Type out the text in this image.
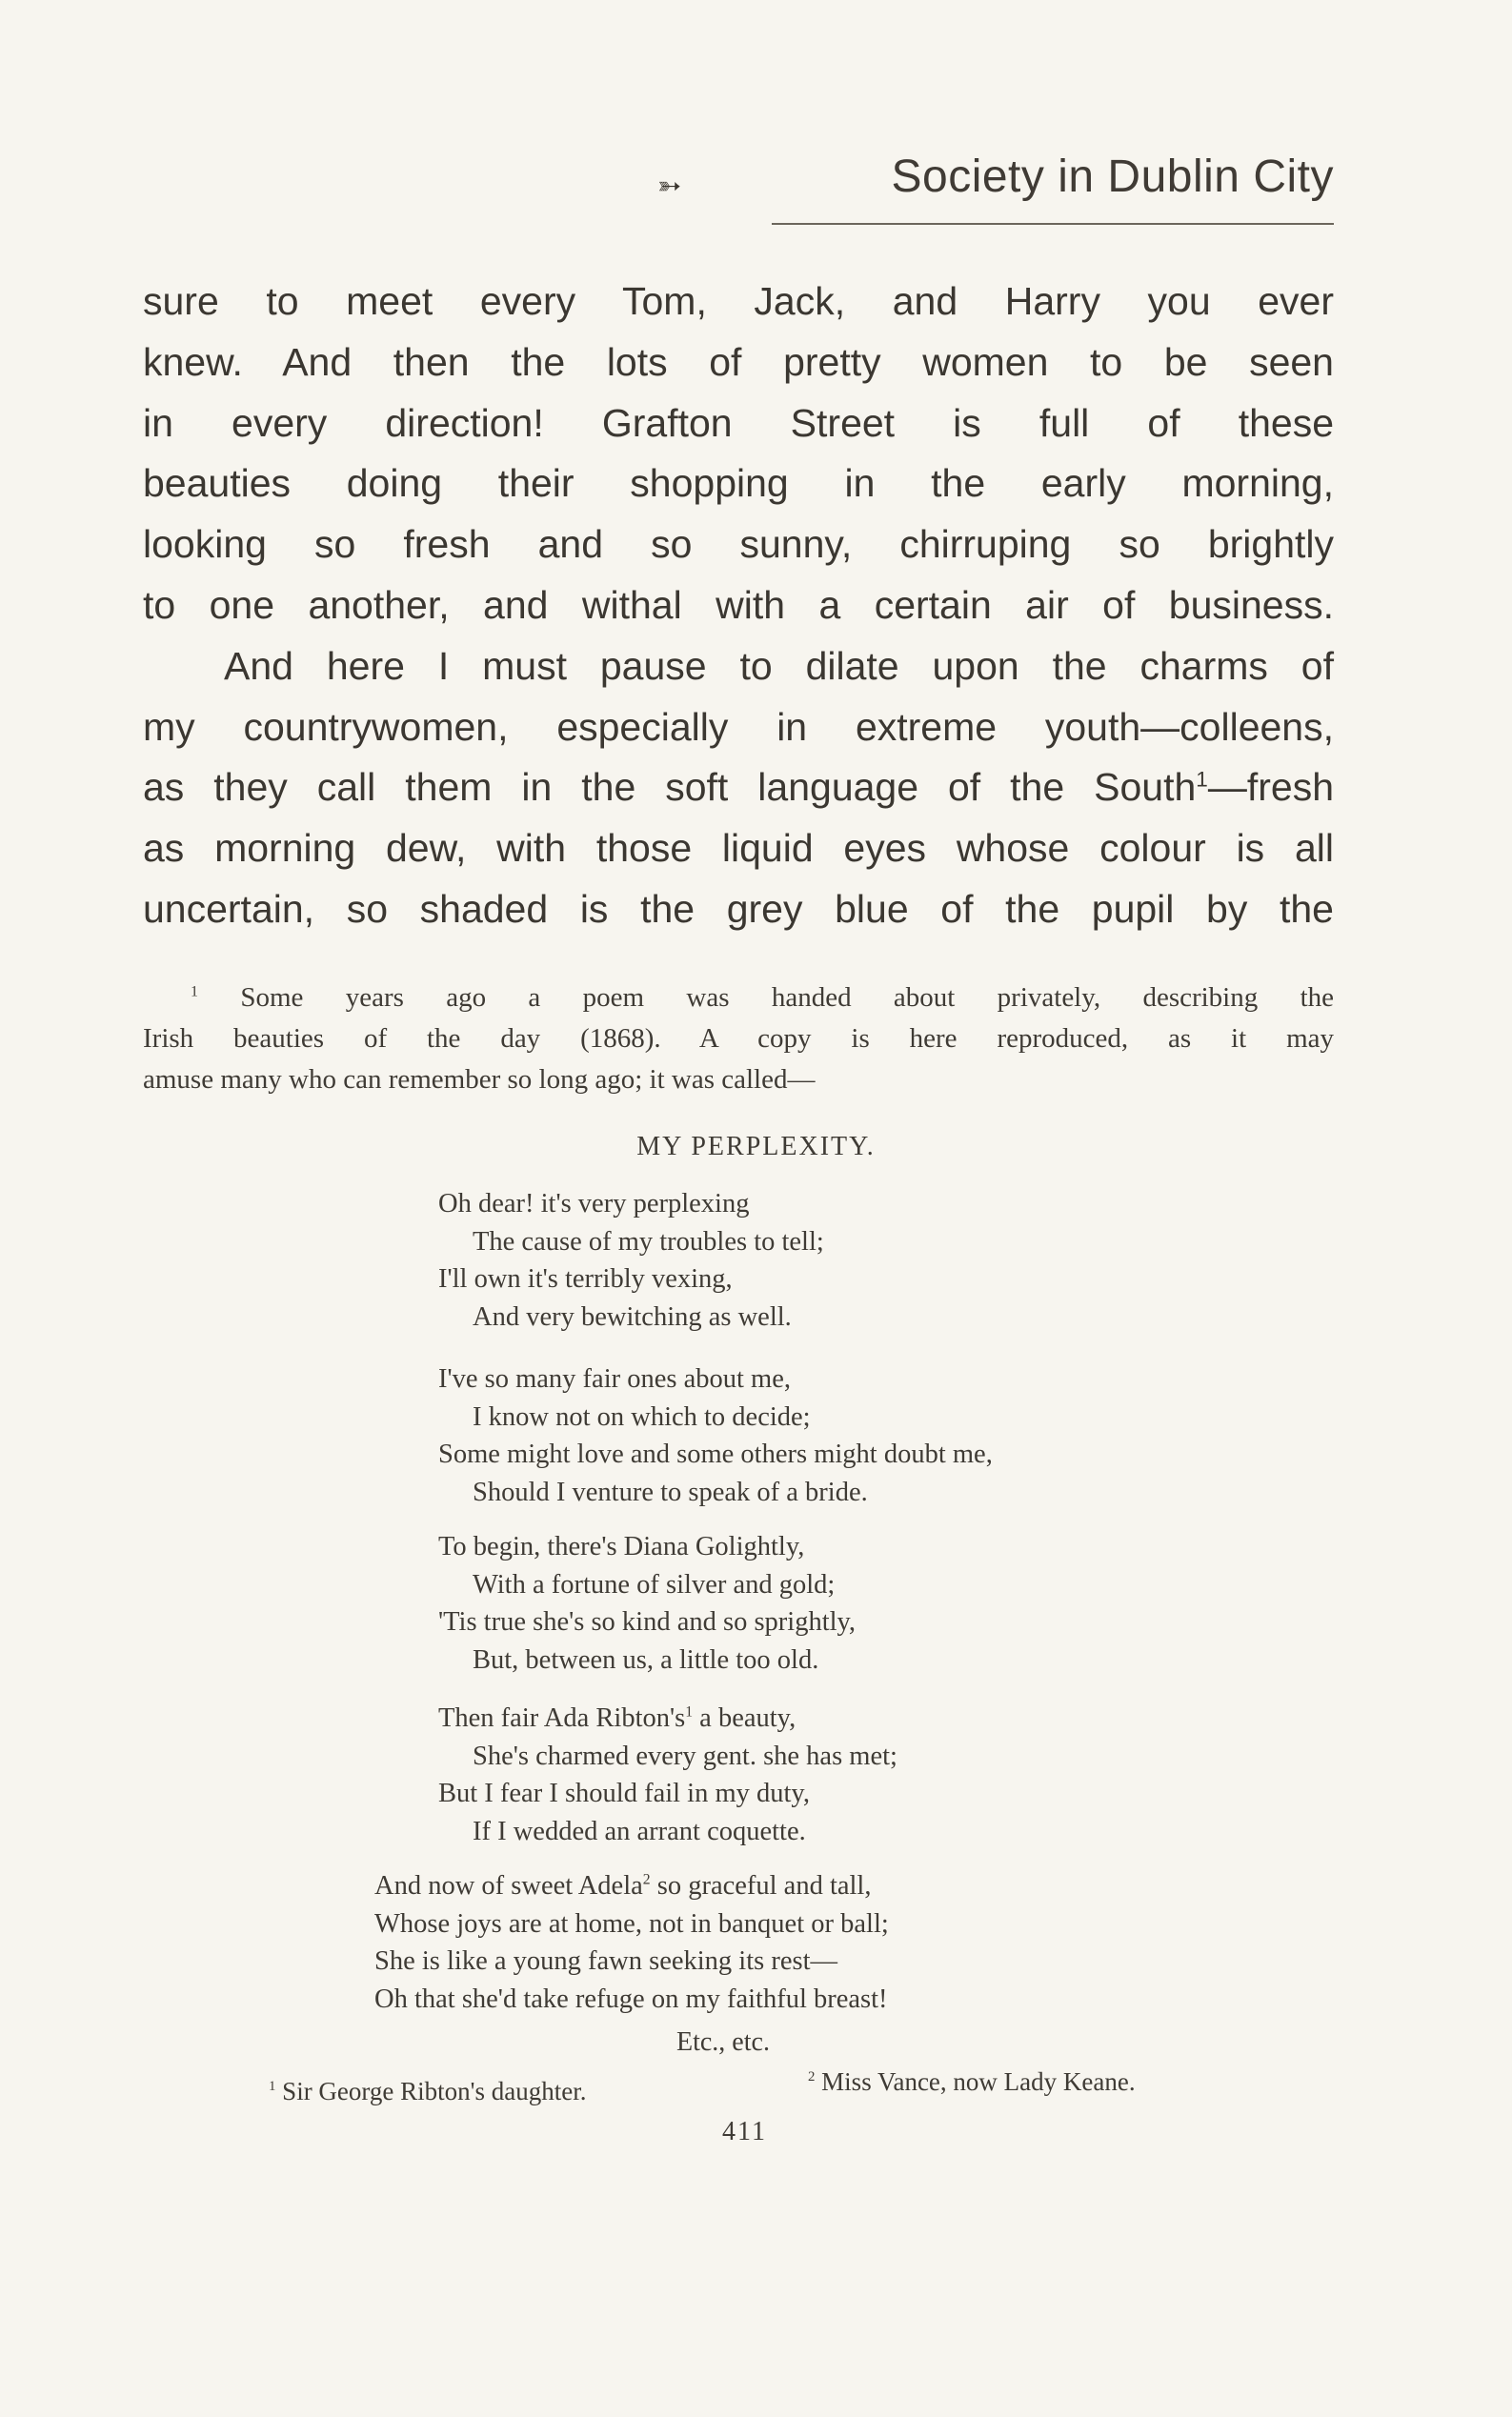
➳	Society in Dublin City
sure to meet every Tom, Jack, and Harry you ever
knew. And then the lots of pretty women to be seen
in every direction! Grafton Street is full of these
beauties doing their shopping in the early morning,
looking so fresh and so sunny, chirruping so brightly
to one another, and withal with a certain air of business.
And here I must pause to dilate upon the charms of
my countrywomen, especially in extreme youth—colleens,
as they call them in the soft language of the South$^1$—fresh
as morning dew, with those liquid eyes whose colour is all
uncertain, so shaded is the grey blue of the pupil by the
$^1$ Some years ago a poem was handed about privately, describing the
Irish beauties of the day (1868). A copy is here reproduced, as it may
amuse many who can remember so long ago; it was called—
MY PERPLEXITY.
Oh dear! it's very perplexing
The cause of my troubles to tell;
I'll own it's terribly vexing,
And very bewitching as well.
I've so many fair ones about me,
I know not on which to decide;
Some might love and some others might doubt me,
Should I venture to speak of a bride.
To begin, there's Diana Golightly,
With a fortune of silver and gold;
'Tis true she's so kind and so sprightly,
But, between us, a little too old.
Then fair Ada $Ribton's^1$ a beauty,
She's charmed every gent. she has met;
But I fear I should fail in my duty,
If I wedded an arrant coquette.
And now of sweet Adela$^2$ so graceful and tall,
Whose joys are at home, not in banquet or ball;
She is like a young fawn seeking its rest—
Oh that she'd take refuge on my faithful breast!
Etc., etc.
$^1$ Sir George Ribton's daughter.	$^2$ Miss Vance, now Lady Keane.
411
